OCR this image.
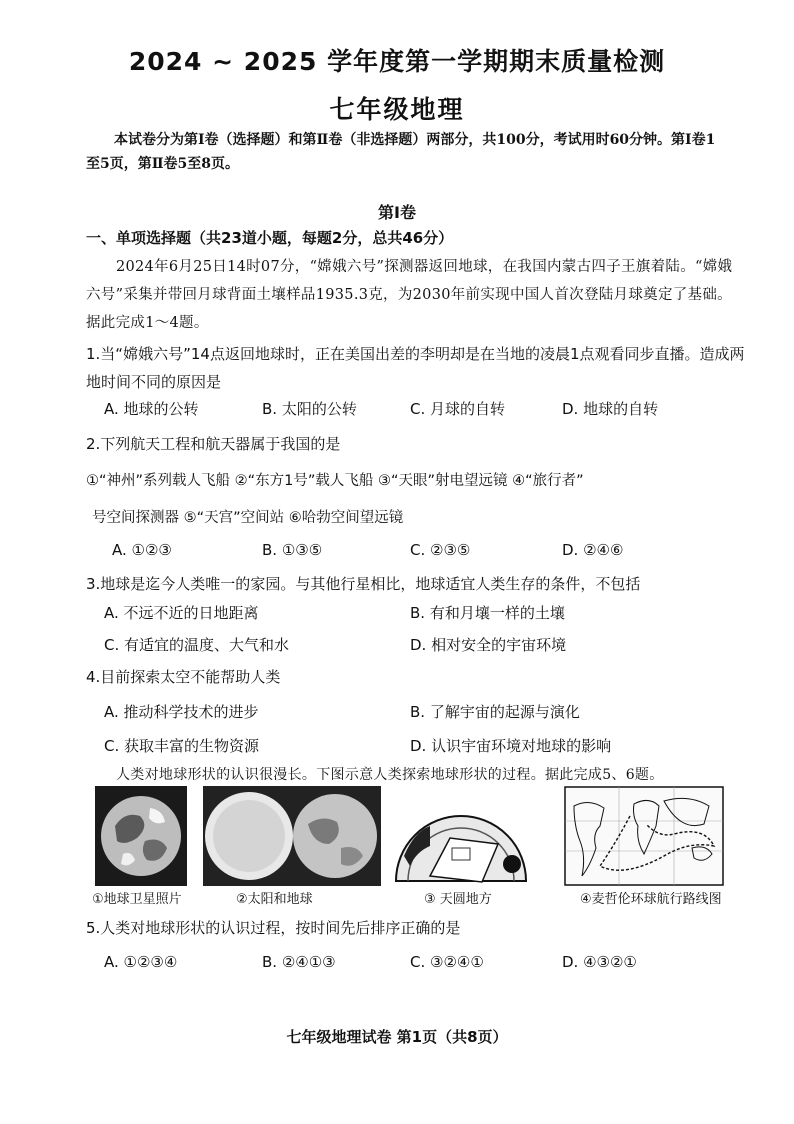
2024 ~ 2025 学年度第一学期期末质量检测
七年级地理
本试卷分为第Ⅰ卷（选择题）和第Ⅱ卷（非选择题）两部分，共100分，考试用时60分钟。第Ⅰ卷1至5页，第Ⅱ卷5至8页。
第Ⅰ卷
一、单项选择题（共23道小题，每题2分，总共46分）
2024年6月25日14时07分，“嫦娥六号”探测器返回地球，在我国内蒙古四子王旗着陆。“嫦娥六号”采集并带回月球背面土壤样品1935.3克，为2030年前实现中国人首次登陆月球奠定了基础。据此完成1～4题。
1.当“嫦娥六号”14点返回地球时，正在美国出差的李明却是在当地的凌晨1点观看同步直播。造成两地时间不同的原因是
A. 地球的公转	B. 太阳的公转	C. 月球的自转	D. 地球的自转
2.下列航天工程和航天器属于我国的是
①“神州”系列载人飞船 ②“东方1号”载人飞船 ③“天眼”射电望远镜 ④“旅行者”
号空间探测器 ⑤“天宫”空间站 ⑥哈勃空间望远镜
A. ①②③	B. ①③⑤	C. ②③⑤	D. ②④⑥
3.地球是迄今人类唯一的家园。与其他行星相比，地球适宜人类生存的条件，不包括
A. 不远不近的日地距离	B. 有和月壤一样的土壤
C. 有适宜的温度、大气和水	D. 相对安全的宇宙环境
4.目前探索太空不能帮助人类
A. 推动科学技术的进步	B. 了解宇宙的起源与演化
C. 获取丰富的生物资源	D. 认识宇宙环境对地球的影响
人类对地球形状的认识很漫长。下图示意人类探索地球形状的过程。据此完成5、6题。
①地球卫星照片	②太阳和地球	③ 天圆地方	④麦哲伦环球航行路线图
5.人类对地球形状的认识过程，按时间先后排序正确的是
A. ①②③④	B. ②④①③	C. ③②④①	D. ④③②①
七年级地理试卷 第1页（共8页）
